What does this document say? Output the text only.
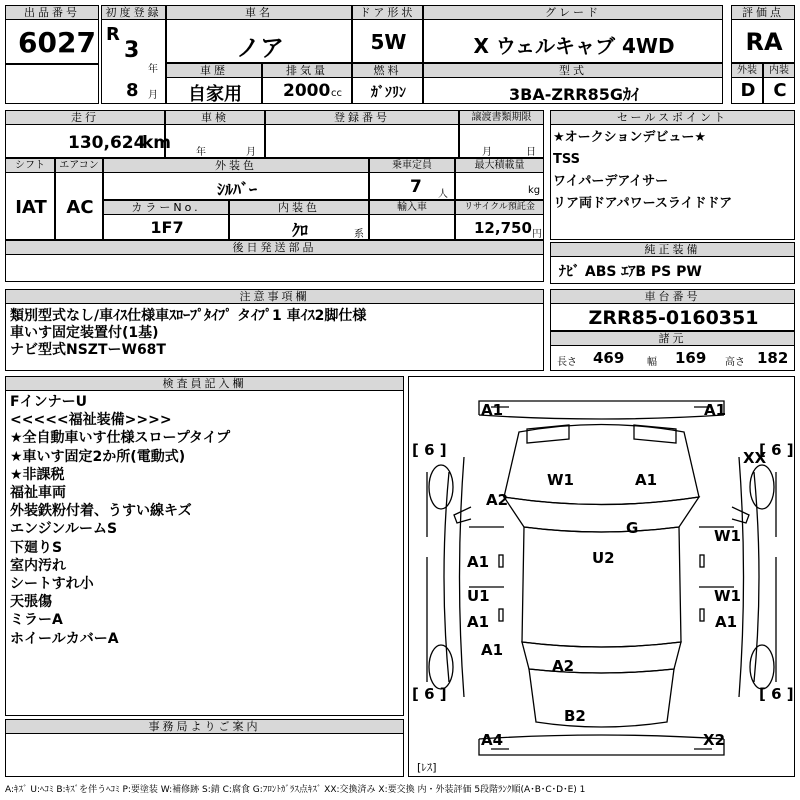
出品番号
6027
初度登録
R
3
年
8 月
車名
ノア
ドア形状
5W
グレード
X ウェルキャブ 4WD
評価点
RA
車歴
自家用
排気量
2000 cc
燃料
ｶﾞｿﾘﾝ
型式
3BA-ZRR85Gｶｲ
外装
D
内装
C
走行
130,624
km
車検
年	月
登録番号	譲渡書類期限
月	日
シフト
IAT
エアコン
AC
外装色
ｼﾙﾊﾞｰ
乗車定員
7 人
最大積載量
kg
カラーNo.
1F7
内装色
ｸﾛ	系
輸入車	リサイクル預託金
12,750 円
後日発送部品
セールスポイント
★オークションデビュー★
TSS
ワイパーデアイサー
リア両ドアパワースライドドア
純正装備
ﾅﾋﾞ ABS ｴｱB PS PW
注意事項欄
類別型式なし/車ｲｽ仕様車ｽﾛｰﾌﾟﾀｲﾌﾟ タｲﾌﾟ1 車ｲｽ2脚仕様
車いす固定装置付(1基)
ナビ型式NSZTーW68T
車台番号
ZRR85-0160351
諸元
長さ 469 幅 169 高さ 182
検査員記入欄
FインナーU
<<<<<福祉装備>>>>
★全自動車いす仕様スロープタイプ
★車いす固定2か所(電動式)
★非課税
福祉車両
外装鉄粉付着、うすい線キズ
エンジンルームS
下廻りS
室内汚れ
シートすれ小
天張傷
ミラーA
ホイールカバーA
事務局よりご案内
A1	A1
[ 6 ]	[ 6 ]
XX
W1	A1
A2
G	W1
A1	U2
U1	W1
A1	A1
A1
A2
[ 6 ]	[ 6 ]
B2
A4	X2
[ﾚｽ]
A:ｷｽﾞ U:ﾍｺﾐ B:ｷｽﾞを伴うﾍｺﾐ P:要塗装 W:補修跡 S:錆 C:腐食 G:ﾌﾛﾝﾄｶﾞﾗｽ点ｷｽﾞ XX:交換済み X:要交換 内・外装評価 5段階ﾗﾝｸ順(A･B･C･D･E) 1
